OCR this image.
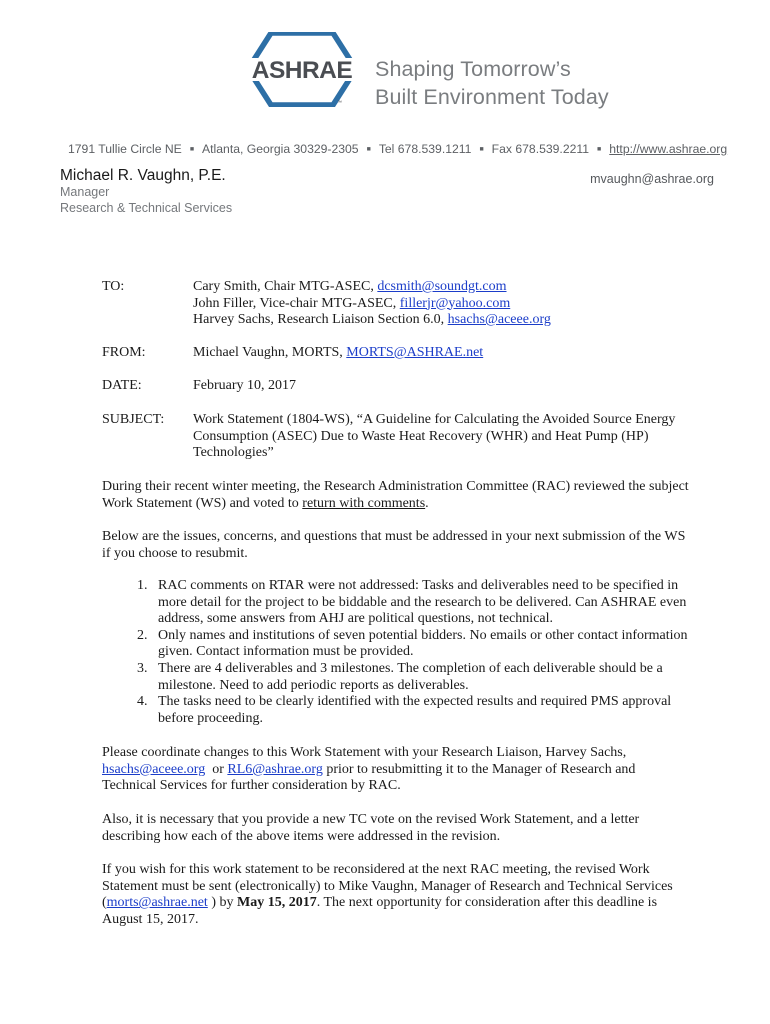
ASHRAE
™
Shaping Tomorrow’s
Built Environment Today
1791 Tullie Circle NE ■ Atlanta, Georgia 30329-2305 ■ Tel 678.539.1211 ■ Fax 678.539.2211 ■ http://www.ashrae.org
Michael R. Vaughn, P.E.
Manager
Research & Technical Services
mvaughn@ashrae.org
TO:	Cary Smith, Chair MTG-ASEC, dcsmith@soundgt.com
John Filler, Vice-chair MTG-ASEC, fillerjr@yahoo.com
Harvey Sachs, Research Liaison Section 6.0, hsachs@aceee.org
FROM:	Michael Vaughn, MORTS, MORTS@ASHRAE.net
DATE:	February 10, 2017
SUBJECT: Work Statement (1804-WS), “A Guideline for Calculating the Avoided Source Energy Consumption (ASEC) Due to Waste Heat Recovery (WHR) and Heat Pump (HP) Technologies”
During their recent winter meeting, the Research Administration Committee (RAC) reviewed the subject Work Statement (WS) and voted to return with comments.
Below are the issues, concerns, and questions that must be addressed in your next submission of the WS if you choose to resubmit.
1. RAC comments on RTAR were not addressed: Tasks and deliverables need to be specified in more detail for the project to be biddable and the research to be delivered. Can ASHRAE even address, some answers from AHJ are political questions, not technical.
2. Only names and institutions of seven potential bidders. No emails or other contact information given. Contact information must be provided.
3. There are 4 deliverables and 3 milestones. The completion of each deliverable should be a milestone. Need to add periodic reports as deliverables.
4. The tasks need to be clearly identified with the expected results and required PMS approval before proceeding.
Please coordinate changes to this Work Statement with your Research Liaison, Harvey Sachs, hsachs@aceee.org  or RL6@ashrae.org prior to resubmitting it to the Manager of Research and Technical Services for further consideration by RAC.
Also, it is necessary that you provide a new TC vote on the revised Work Statement, and a letter describing how each of the above items were addressed in the revision.
If you wish for this work statement to be reconsidered at the next RAC meeting, the revised Work Statement must be sent (electronically) to Mike Vaughn, Manager of Research and Technical Services (morts@ashrae.net ) by May 15, 2017. The next opportunity for consideration after this deadline is August 15, 2017.
